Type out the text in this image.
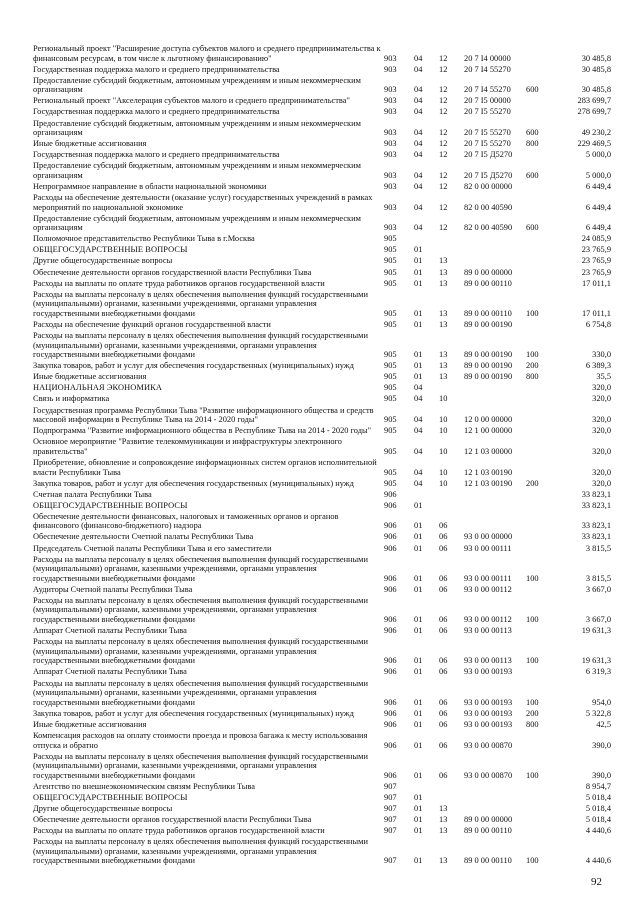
Региональный проект "Расширение доступа субъектов малого и среднего предпринимательства к финансовым ресурсам, в том числе к льготному финансированию"	903 04 12 20 7 I4 00000	30 485,8
Государственная поддержка малого и среднего предпринимательства	903 04 12 20 7 I4 55270	30 485,8
Предоставление субсидий бюджетным, автономным учреждениям и иным некоммерческим организациям	903 04 12 20 7 I4 55270 600	30 485,8
Региональный проект "Акселерация субъектов малого и среднего предпринимательства"	903 04 12 20 7 I5 00000	283 699,7
Государственная поддержка малого и среднего предпринимательства	903 04 12 20 7 I5 55270	278 699,7
Предоставление субсидий бюджетным, автономным учреждениям и иным некоммерческим организациям	903 04 12 20 7 I5 55270 600	49 230,2
Иные бюджетные ассигнования	903 04 12 20 7 I5 55270 800	229 469,5
Государственная поддержка малого и среднего предпринимательства	903 04 12 20 7 I5 Д5270	5 000,0
Предоставление субсидий бюджетным, автономным учреждениям и иным некоммерческим организациям	903 04 12 20 7 I5 Д5270 600	5 000,0
Непрограммное направление в области национальной экономики	903 04 12 82 0 00 00000	6 449,4
Расходы на обеспечение деятельности (оказание услуг) государственных учреждений в рамках мероприятий по национальной экономике	903 04 12 82 0 00 40590	6 449,4
Предоставление субсидий бюджетным, автономным учреждениям и иным некоммерческим организациям	903 04 12 82 0 00 40590 600	6 449,4
Полномочное представительство Республики Тыва в г.Москва	905	24 085,9
ОБЩЕГОСУДАРСТВЕННЫЕ ВОПРОСЫ	905 01	23 765,9
Другие общегосударственные вопросы	905 01 13	23 765,9
Обеспечение деятельности органов государственной власти Республики Тыва	905 01 13 89 0 00 00000	23 765,9
Расходы на выплаты по оплате труда работников органов государственной власти	905 01 13 89 0 00 00110	17 011,1
Расходы на выплаты персоналу в целях обеспечения выполнения функций государственными (муниципальными) органами, казенными учреждениями, органами управления государственными внебюджетными фондами	905 01 13 89 0 00 00110 100	17 011,1
Расходы на обеспечение функций органов государственной власти	905 01 13 89 0 00 00190	6 754,8
Расходы на выплаты персоналу в целях обеспечения выполнения функций государственными (муниципальными) органами, казенными учреждениями, органами управления государственными внебюджетными фондами	905 01 13 89 0 00 00190 100	330,0
Закупка товаров, работ и услуг для обеспечения государственных (муниципальных) нужд	905 01 13 89 0 00 00190 200	6 389,3
Иные бюджетные ассигнования	905 01 13 89 0 00 00190 800	35,5
НАЦИОНАЛЬНАЯ ЭКОНОМИКА	905 04	320,0
Связь и информатика	905 04 10	320,0
Государственная программа Республики Тыва "Развитие информационного общества и средств массовой информации в Республике Тыва на 2014 - 2020 годы"	905 04 10 12 0 00 00000	320,0
Подпрограмма "Развитие информационного общества в Республике Тыва на 2014 - 2020 годы"	905 04 10 12 1 00 00000	320,0
Основное мероприятие "Развитие телекоммуникации и инфраструктуры электронного правительства"	905 04 10 12 1 03 00000	320,0
Приобретение, обновление и сопровождение информационных систем органов исполнительной власти Республики Тыва	905 04 10 12 1 03 00190	320,0
Закупка товаров, работ и услуг для обеспечения государственных (муниципальных) нужд	905 04 10 12 1 03 00190 200	320,0
Счетная палата Республики Тыва	906	33 823,1
ОБЩЕГОСУДАРСТВЕННЫЕ ВОПРОСЫ	906 01	33 823,1
Обеспечение деятельности финансовых, налоговых и таможенных органов и органов финансового (финансово-бюджетного) надзора	906 01 06	33 823,1
Обеспечение деятельности Счетной палаты Республики Тыва	906 01 06 93 0 00 00000	33 823,1
Председатель Счетной палаты Республики Тыва и его заместители	906 01 06 93 0 00 00111	3 815,5
Расходы на выплаты персоналу в целях обеспечения выполнения функций государственными (муниципальными) органами, казенными учреждениями, органами управления государственными внебюджетными фондами	906 01 06 93 0 00 00111 100	3 815,5
Аудиторы Счетной палаты Республики Тыва	906 01 06 93 0 00 00112	3 667,0
Расходы на выплаты персоналу в целях обеспечения выполнения функций государственными (муниципальными) органами, казенными учреждениями, органами управления государственными внебюджетными фондами	906 01 06 93 0 00 00112 100	3 667,0
Аппарат Счетной палаты Республики Тыва	906 01 06 93 0 00 00113	19 631,3
Расходы на выплаты персоналу в целях обеспечения выполнения функций государственными (муниципальными) органами, казенными учреждениями, органами управления государственными внебюджетными фондами	906 01 06 93 0 00 00113 100	19 631,3
Аппарат Счетной палаты Республики Тыва	906 01 06 93 0 00 00193	6 319,3
Расходы на выплаты персоналу в целях обеспечения выполнения функций государственными (муниципальными) органами, казенными учреждениями, органами управления государственными внебюджетными фондами	906 01 06 93 0 00 00193 100	954,0
Закупка товаров, работ и услуг для обеспечения государственных (муниципальных) нужд	906 01 06 93 0 00 00193 200	5 322,8
Иные бюджетные ассигнования	906 01 06 93 0 00 00193 800	42,5
Компенсация расходов на оплату стоимости проезда и провоза багажа к месту использования отпуска и обратно	906 01 06 93 0 00 00870	390,0
Расходы на выплаты персоналу в целях обеспечения выполнения функций государственными (муниципальными) органами, казенными учреждениями, органами управления государственными внебюджетными фондами	906 01 06 93 0 00 00870 100	390,0
Агентство по внешнеэкономическим связям Республики Тыва	907	8 954,7
ОБЩЕГОСУДАРСТВЕННЫЕ ВОПРОСЫ	907 01	5 018,4
Другие общегосударственные вопросы	907 01 13	5 018,4
Обеспечение деятельности органов государственной власти Республики Тыва	907 01 13 89 0 00 00000	5 018,4
Расходы на выплаты по оплате труда работников органов государственной власти	907 01 13 89 0 00 00110	4 440,6
Расходы на выплаты персоналу в целях обеспечения выполнения функций государственными (муниципальными) органами, казенными учреждениями, органами управления государственными внебюджетными фондами	907 01 13 89 0 00 00110 100	4 440,6
92
